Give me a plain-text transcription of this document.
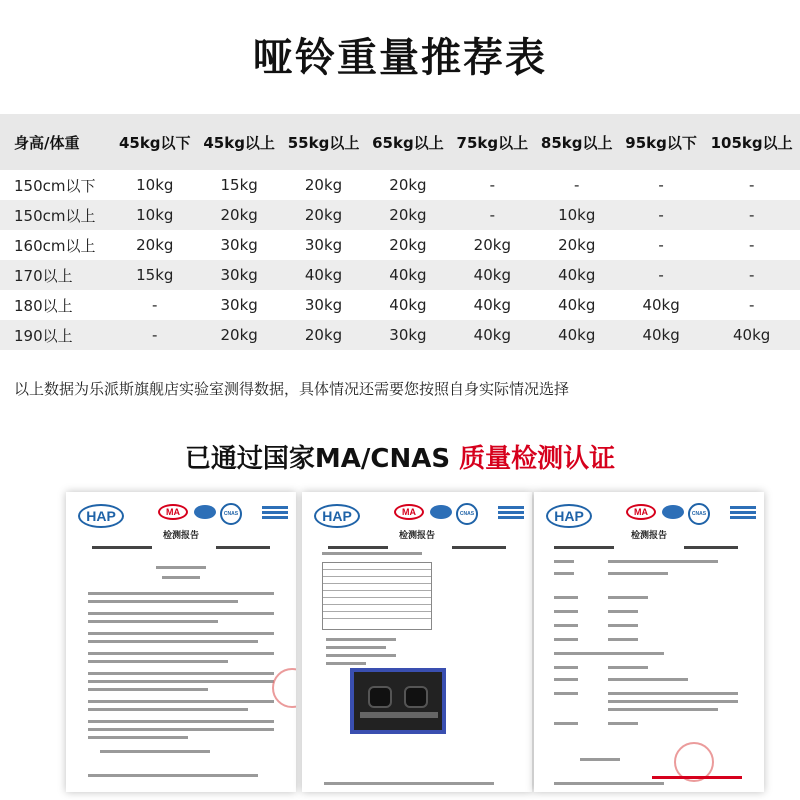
哑铃重量推荐表
身高/体重	45kg以下	45kg以上	55kg以上	65kg以上	75kg以上	85kg以上	95kg以下	105kg以上
150cm以下	10kg	15kg	20kg	20kg	-	-	-	-
150cm以上	10kg	20kg	20kg	20kg	-	10kg	-	-
160cm以上	20kg	30kg	30kg	20kg	20kg	20kg	-	-
170以上	15kg	30kg	40kg	40kg	40kg	40kg	-	-
180以上	-	30kg	30kg	40kg	40kg	40kg	40kg	-
190以上	-	20kg	20kg	30kg	40kg	40kg	40kg	40kg
以上数据为乐派斯旗舰店实验室测得数据，具体情况还需要您按照自身实际情况选择
已通过国家MA/CNAS 质量检测认证
HAP	MA	CNAS
检测报告
HAP	MA	CNAS
检测报告
HAP	MA	CNAS
检测报告
